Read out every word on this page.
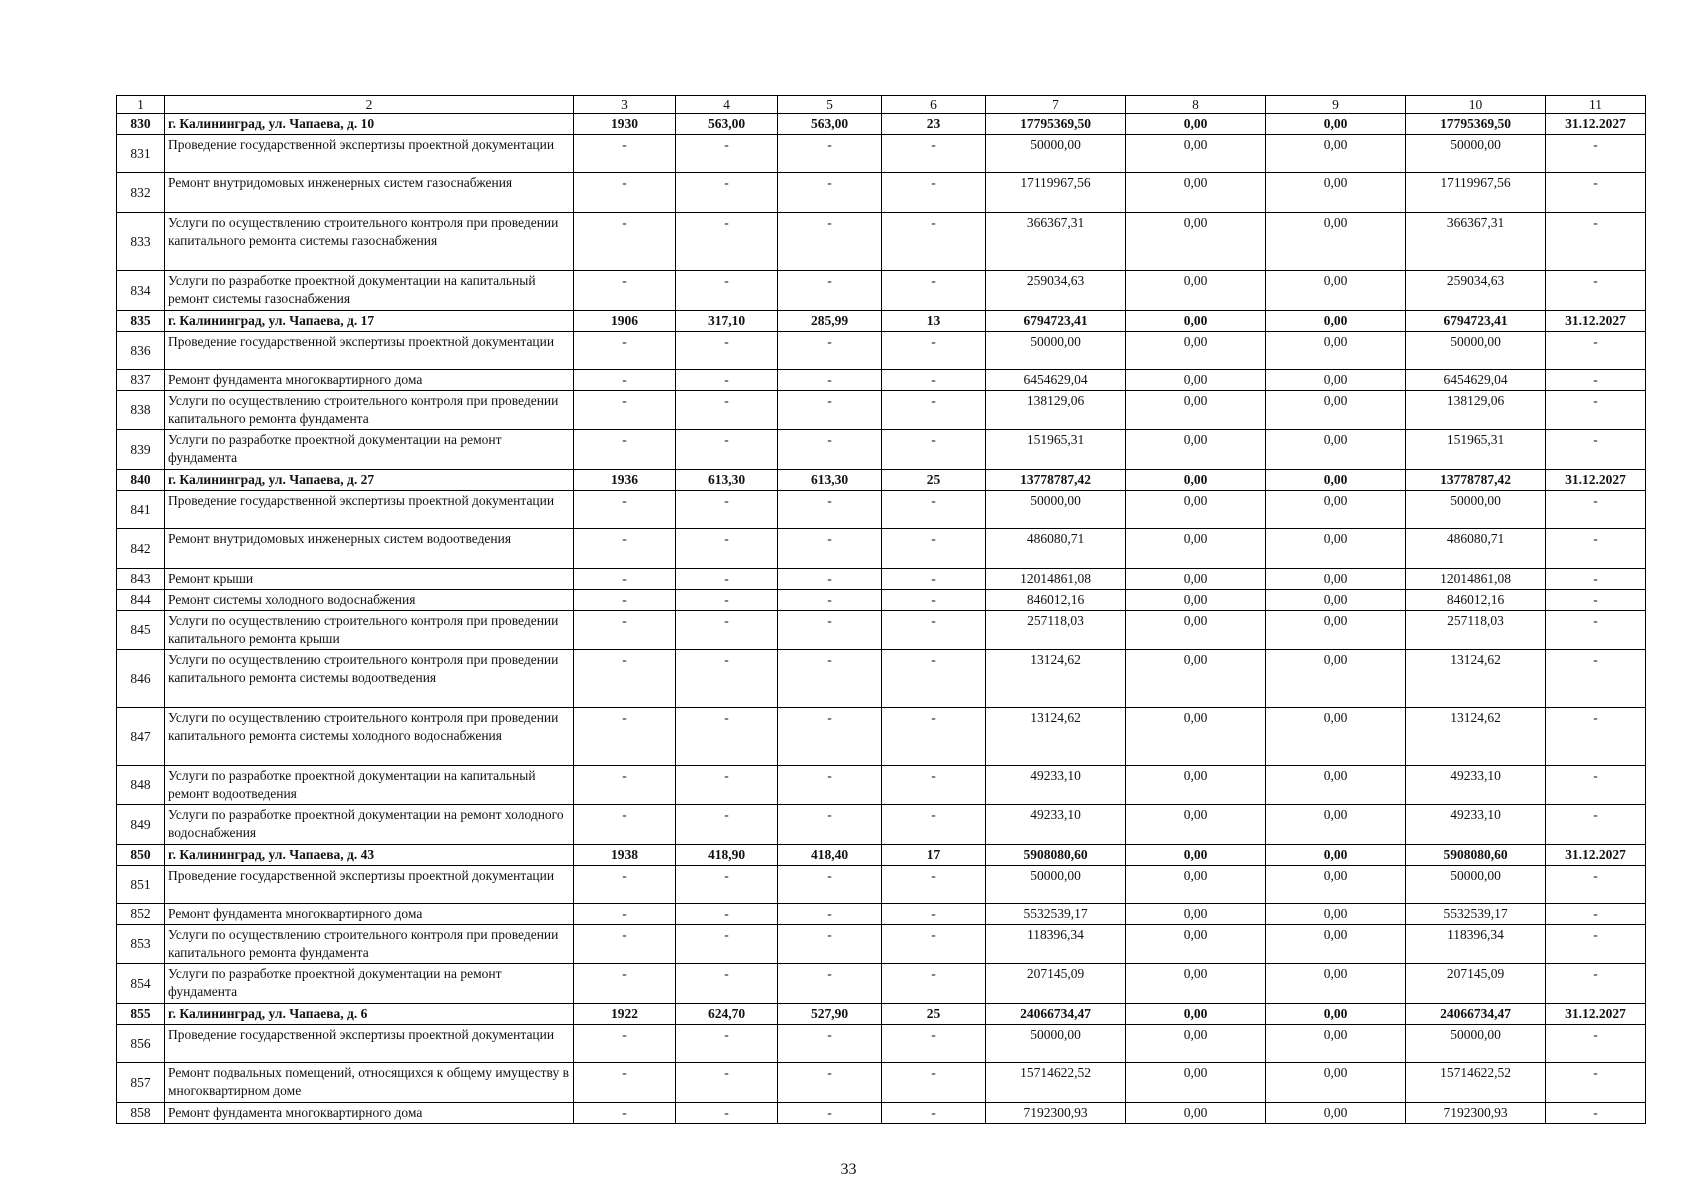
1	2	3	4	5	6	7	8	9	10	11
830	г. Калининград, ул. Чапаева, д. 10	1930	563,00	563,00	23	17795369,50	0,00	0,00	17795369,50	31.12.2027
831	Проведение государственной экспертизы проектной документации	-	-	-	-	50000,00	0,00	0,00	50000,00	-
832	Ремонт внутридомовых инженерных систем газоснабжения	-	-	-	-	17119967,56	0,00	0,00	17119967,56	-
833	Услуги по осуществлению строительного контроля при проведении капитального ремонта системы газоснабжения	-	-	-	-	366367,31	0,00	0,00	366367,31	-
834	Услуги по разработке проектной документации на капитальный ремонт системы газоснабжения	-	-	-	-	259034,63	0,00	0,00	259034,63	-
835	г. Калининград, ул. Чапаева, д. 17	1906	317,10	285,99	13	6794723,41	0,00	0,00	6794723,41	31.12.2027
836	Проведение государственной экспертизы проектной документации	-	-	-	-	50000,00	0,00	0,00	50000,00	-
837	Ремонт фундамента многоквартирного дома	-	-	-	-	6454629,04	0,00	0,00	6454629,04	-
838	Услуги по осуществлению строительного контроля при проведении капитального ремонта фундамента	-	-	-	-	138129,06	0,00	0,00	138129,06	-
839	Услуги по разработке проектной документации на ремонт фундамента	-	-	-	-	151965,31	0,00	0,00	151965,31	-
840	г. Калининград, ул. Чапаева, д. 27	1936	613,30	613,30	25	13778787,42	0,00	0,00	13778787,42	31.12.2027
841	Проведение государственной экспертизы проектной документации	-	-	-	-	50000,00	0,00	0,00	50000,00	-
842	Ремонт внутридомовых инженерных систем водоотведения	-	-	-	-	486080,71	0,00	0,00	486080,71	-
843	Ремонт крыши	-	-	-	-	12014861,08	0,00	0,00	12014861,08	-
844	Ремонт системы холодного водоснабжения	-	-	-	-	846012,16	0,00	0,00	846012,16	-
845	Услуги по осуществлению строительного контроля при проведении капитального ремонта крыши	-	-	-	-	257118,03	0,00	0,00	257118,03	-
846	Услуги по осуществлению строительного контроля при проведении капитального ремонта системы водоотведения	-	-	-	-	13124,62	0,00	0,00	13124,62	-
847	Услуги по осуществлению строительного контроля при проведении капитального ремонта системы холодного водоснабжения	-	-	-	-	13124,62	0,00	0,00	13124,62	-
848	Услуги по разработке проектной документации на капитальный ремонт водоотведения	-	-	-	-	49233,10	0,00	0,00	49233,10	-
849	Услуги по разработке проектной документации на ремонт холодного водоснабжения	-	-	-	-	49233,10	0,00	0,00	49233,10	-
850	г. Калининград, ул. Чапаева, д. 43	1938	418,90	418,40	17	5908080,60	0,00	0,00	5908080,60	31.12.2027
851	Проведение государственной экспертизы проектной документации	-	-	-	-	50000,00	0,00	0,00	50000,00	-
852	Ремонт фундамента многоквартирного дома	-	-	-	-	5532539,17	0,00	0,00	5532539,17	-
853	Услуги по осуществлению строительного контроля при проведении капитального ремонта фундамента	-	-	-	-	118396,34	0,00	0,00	118396,34	-
854	Услуги по разработке проектной документации на ремонт фундамента	-	-	-	-	207145,09	0,00	0,00	207145,09	-
855	г. Калининград, ул. Чапаева, д. 6	1922	624,70	527,90	25	24066734,47	0,00	0,00	24066734,47	31.12.2027
856	Проведение государственной экспертизы проектной документации	-	-	-	-	50000,00	0,00	0,00	50000,00	-
857	Ремонт подвальных помещений, относящихся к общему имуществу в многоквартирном доме	-	-	-	-	15714622,52	0,00	0,00	15714622,52	-
858	Ремонт фундамента многоквартирного дома	-	-	-	-	7192300,93	0,00	0,00	7192300,93	-
33
